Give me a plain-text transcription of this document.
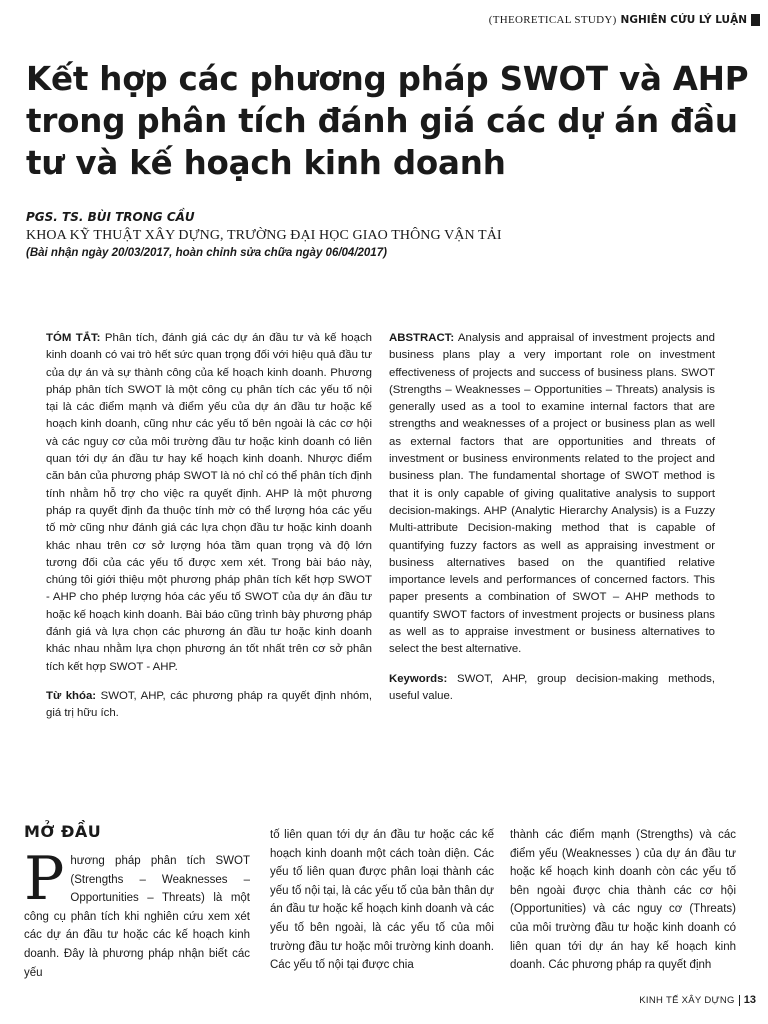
(THEORETICAL STUDY) NGHIÊN CỨU LÝ LUẬN
Kết hợp các phương pháp SWOT và AHP trong phân tích đánh giá các dự án đầu tư và kế hoạch kinh doanh
PGS. TS. BÙI TRONG CẦU
KHOA KỸ THUẬT XÂY DỰNG, TRƯỜNG ĐẠI HỌC GIAO THÔNG VẬN TẢI
(Bài nhận ngày 20/03/2017, hoàn chỉnh sửa chữa ngày 06/04/2017)

TÓM TẮT: Phân tích, đánh giá các dự án đầu tư và kế hoạch kinh doanh có vai trò hết sức quan trọng đối với hiệu quả đầu tư của dự án và sự thành công của kế hoạch kinh doanh. Phương pháp phân tích SWOT là một công cụ phân tích các yếu tố nội tại là các điểm mạnh và điểm yếu của dự án đầu tư hoặc kế hoạch kinh doanh, cũng như các yếu tố bên ngoài là các cơ hội và các nguy cơ của môi trường đầu tư hoặc kinh doanh có liên quan tới dự án đầu tư hay kế hoạch kinh doanh. Nhược điểm căn bản của phương pháp SWOT là nó chỉ có thể phân tích định tính nhằm hỗ trợ cho việc ra quyết định. AHP là một phương pháp ra quyết định đa thuộc tính mờ có thể lượng hóa các yếu tố mờ cũng như đánh giá các lựa chọn đầu tư hoặc kinh doanh khác nhau trên cơ sở lượng hóa tầm quan trọng và độ lớn tương đối của các yếu tố được xem xét. Trong bài báo này, chúng tôi giới thiệu một phương pháp phân tích kết hợp SWOT - AHP cho phép lượng hóa các yếu tố SWOT của dự án đầu tư hoặc kế hoạch kinh doanh. Bài báo cũng trình bày phương pháp đánh giá và lựa chọn các phương án đầu tư hoặc kinh doanh khác nhau nhằm lựa chọn phương án tốt nhất trên cơ sở phân tích kết hợp SWOT - AHP.

Từ khóa: SWOT, AHP, các phương pháp ra quyết định nhóm, giá trị hữu ích.

ABSTRACT: Analysis and appraisal of investment projects and business plans play a very important role on investment effectiveness of projects and success of business plans. SWOT (Strengths – Weaknesses – Opportunities – Threats) analysis is generally used as a tool to examine internal factors that are strengths and weaknesses of a project or business plan as well as external factors that are opportunities and threats of investment or business environments related to the project and business plan. The fundamental shortage of SWOT method is that it is only capable of giving qualitative analysis to support decision-makings. AHP (Analytic Hierarchy Analysis) is a Fuzzy Multi-attribute Decision-making method that is capable of quantifying fuzzy factors as well as appraising investment or business alternatives based on the quantified relative importance levels and performances of concerned factors. This paper presents a combination of SWOT – AHP methods to quantify SWOT factors of investment projects or business plans as well as to appraise investment or business alternatives to select the best alternative.

Keywords: SWOT, AHP, group decision-making methods, useful value.

MỞ ĐẦU
P hương pháp phân tích SWOT (Strengths – Weaknesses – Opportunities – Threats) là một công cụ phân tích khi nghiên cứu xem xét các dự án đầu tư hoặc các kế hoạch kinh doanh. Đây là phương pháp nhận biết các yếu
tố liên quan tới dự án đầu tư hoặc các kế hoạch kinh doanh một cách toàn diện. Các yếu tố liên quan được phân loại thành các yếu tố nội tại, là các yếu tố của bản thân dự án đầu tư hoặc kế hoạch kinh doanh và các yếu tố bên ngoài, là các yếu tố của môi trường đầu tư hoặc môi trường kinh doanh. Các yếu tố nội tại được chia
thành các điểm mạnh (Strengths) và các điểm yếu (Weaknesses ) của dự án đầu tư hoặc kế hoạch kinh doanh còn các yếu tố bên ngoài được chia thành các cơ hội (Opportunities) và các nguy cơ (Threats) của môi trường đầu tư hoặc kinh doanh có liên quan tới dự án hay kế hoạch kinh doanh. Các phương pháp ra quyết định
KINH TẾ XÂY DỰNG 13
